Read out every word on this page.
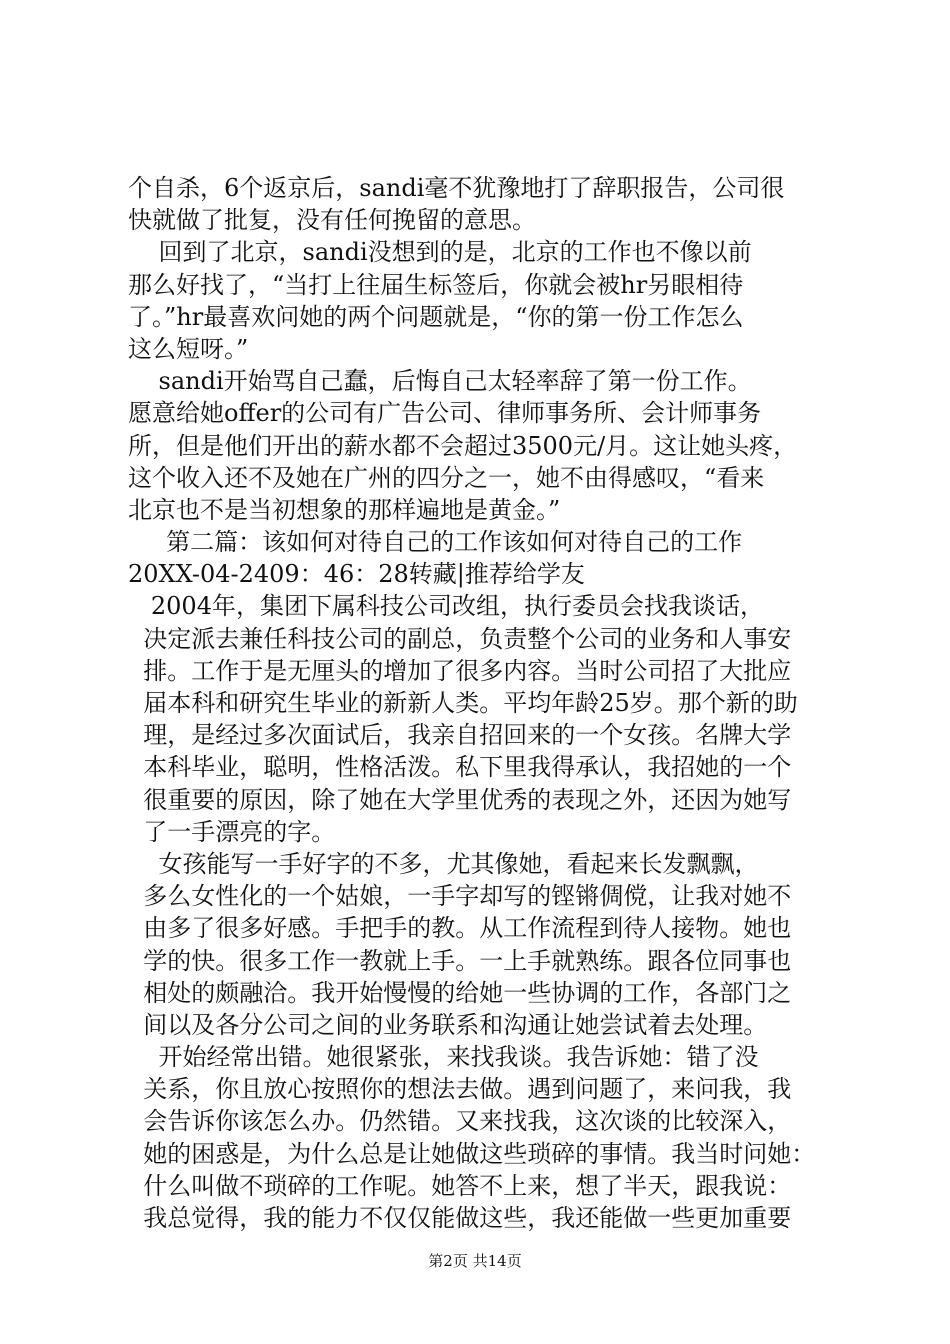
个自杀，6个返京后，sandi毫不犹豫地打了辞职报告，公司很
快就做了批复，没有任何挽留的意思。
回到了北京，sandi没想到的是，北京的工作也不像以前
那么好找了，“当打上往届生标签后，你就会被hr另眼相待
了。”hr最喜欢问她的两个问题就是，“你的第一份工作怎么
这么短呀。”
sandi开始骂自己蠢，后悔自己太轻率辞了第一份工作。
愿意给她offer的公司有广告公司、律师事务所、会计师事务
所，但是他们开出的薪水都不会超过3500元/月。这让她头疼，
这个收入还不及她在广州的四分之一，她不由得感叹，“看来
北京也不是当初想象的那样遍地是黄金。”
第二篇：该如何对待自己的工作该如何对待自己的工作
20XX-04-2409：46：28转藏|推荐给学友
2004年，集团下属科技公司改组，执行委员会找我谈话，
决定派去兼任科技公司的副总，负责整个公司的业务和人事安
排。工作于是无厘头的增加了很多内容。当时公司招了大批应
届本科和研究生毕业的新新人类。平均年龄25岁。那个新的助
理，是经过多次面试后，我亲自招回来的一个女孩。名牌大学
本科毕业，聪明，性格活泼。私下里我得承认，我招她的一个
很重要的原因，除了她在大学里优秀的表现之外，还因为她写
了一手漂亮的字。
女孩能写一手好字的不多，尤其像她，看起来长发飘飘，
多么女性化的一个姑娘，一手字却写的铿锵倜傥，让我对她不
由多了很多好感。手把手的教。从工作流程到待人接物。她也
学的快。很多工作一教就上手。一上手就熟练。跟各位同事也
相处的颇融洽。我开始慢慢的给她一些协调的工作，各部门之
间以及各分公司之间的业务联系和沟通让她尝试着去处理。
开始经常出错。她很紧张，来找我谈。我告诉她：错了没
关系，你且放心按照你的想法去做。遇到问题了，来问我，我
会告诉你该怎么办。仍然错。又来找我，这次谈的比较深入，
她的困惑是，为什么总是让她做这些琐碎的事情。我当时问她：
什么叫做不琐碎的工作呢。她答不上来，想了半天，跟我说：
我总觉得，我的能力不仅仅能做这些，我还能做一些更加重要
第2页 共14页
